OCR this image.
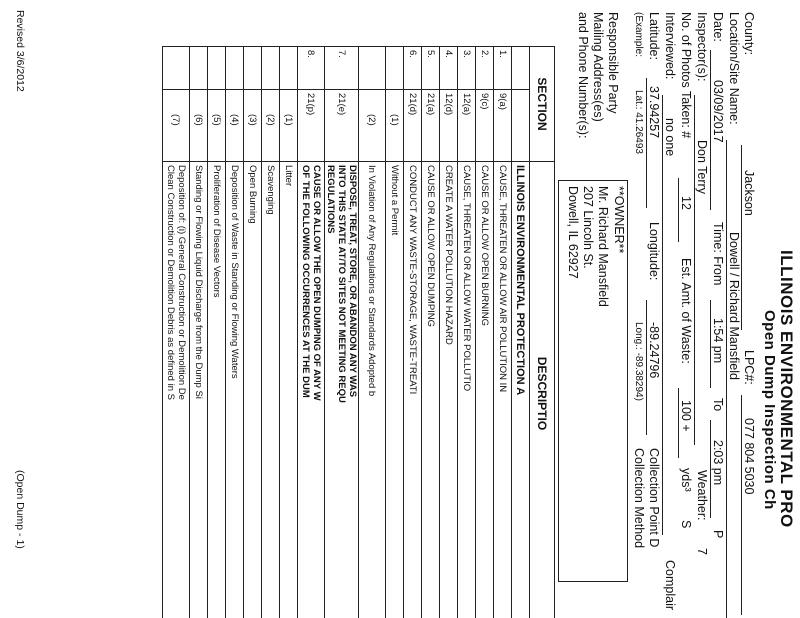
ILLINOIS ENVIRONMENTAL PRO
Open Dump Inspection Ch
County:
Jackson
LPC#:
077 804 5030
Location/Site Name:
Dowell / Richard Mansfield
Date:
03/09/2017
Time: From
1:54 pm
To
2:03 pm
P
Inspector(s):
Don Terry
Weather:
7
No. of Photos Taken: #
12
Est. Amt. of Waste:
100 +
yds³
S
Interviewed:
no one
Complair
Latitude:
37.94257
Longitude:
-89.24796
Collection Point D
(Example:
Lat.: 41.26493
Long.: -89.38294)
Collection Method
Responsible Party
Mailing Address(es)
and Phone Number(s):
**OWNER**
Mr. Richard Mansfield
207 Lincoln St.
Dowell, IL 62927
SECTION		DESCRIPTIO
		ILLINOIS ENVIRONMENTAL PROTECTION A
1.	9(a)	CAUSE, THREATEN OR ALLOW AIR POLLUTION IN
2.	9(c)	CAUSE OR ALLOW OPEN BURNING
3.	12(a)	CAUSE, THREATEN OR ALLOW WATER POLLUTIO
4.	12(d)	CREATE A WATER POLLUTION HAZARD
5.	21(a)	CAUSE OR ALLOW OPEN DUMPING
6.	21(d)	CONDUCT ANY WASTE-STORAGE, WASTE-TREATI
	(1)	Without a Permit
	(2)	In Violation of Any Regulations or Standards Adopted b
7.	21(e)	DISPOSE, TREAT, STORE, OR ABANDON ANY WAS
INTO THIS STATE AT/TO SITES NOT MEETING REQU
REGULATIONS

8.	21(p)	CAUSE OR ALLOW THE OPEN DUMPING OF ANY W
OF THE FOLLOWING OCCURRENCES AT THE DUM

	(1)	Litter
	(2)	Scavenging
	(3)	Open Burning
	(4)	Deposition of Waste in Standing or Flowing Waters
	(5)	Proliferation of Disease Vectors
	(6)	Standing or Flowing Liquid Discharge from the Dump Si
	(7)	Deposition of: (i) General Construction or Demolition De
Clean Construction or Demolition Debris as defined in S
Revised 3/6/2012
(Open Dump - 1)
